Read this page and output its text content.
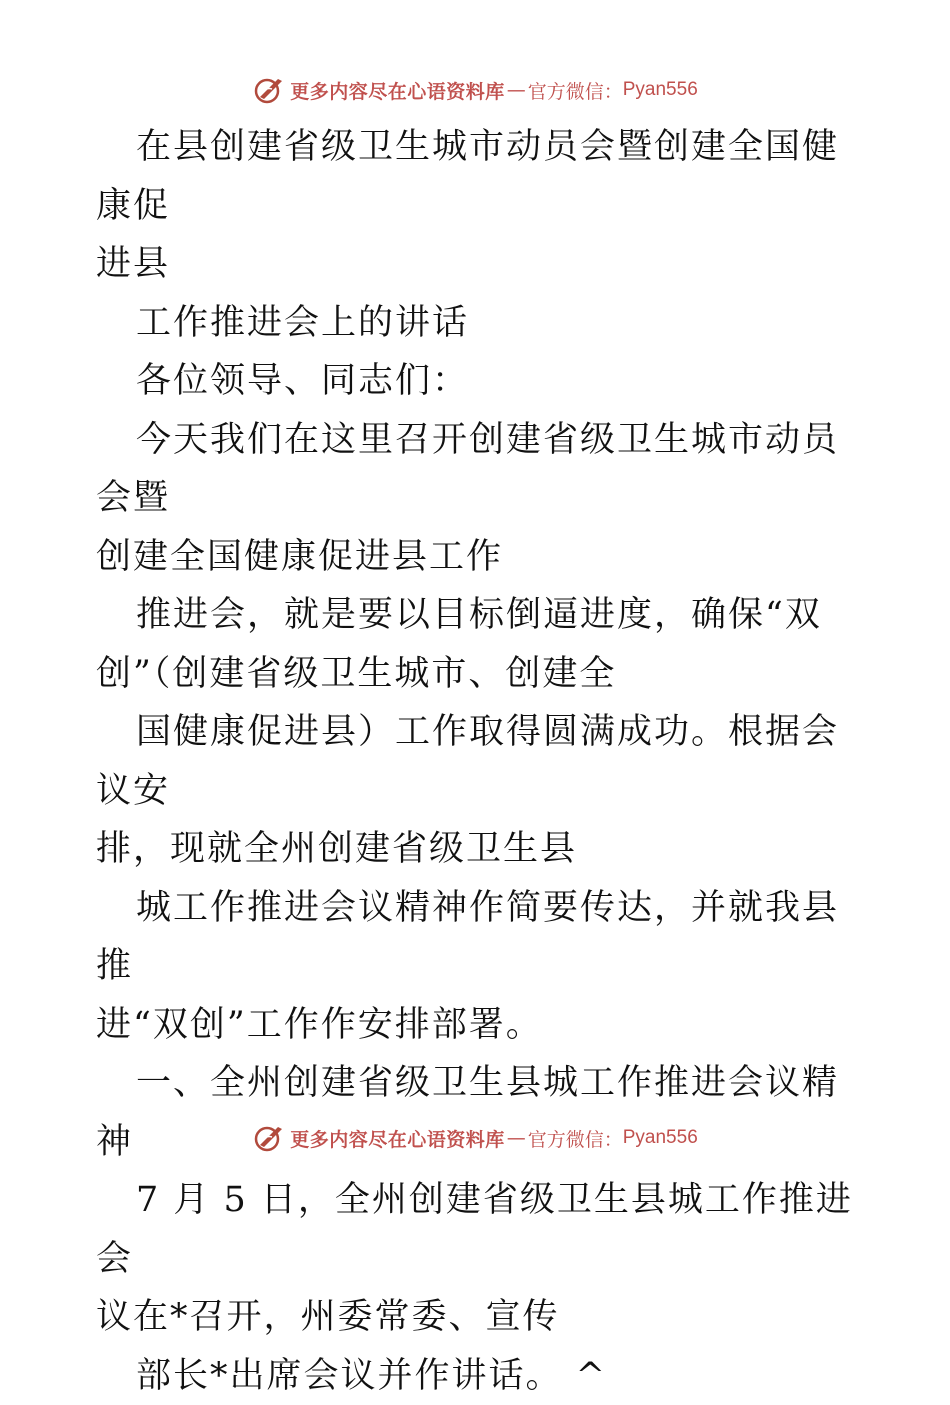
更多内容尽在心语资料库 — 官方微信： Pyan556

在县创建省级卫生城市动员会暨创建全国健康促

进县

工作推进会上的讲话

各位领导、同志们：

今天我们在这里召开创建省级卫生城市动员会暨

创建全国健康促进县工作

推进会，就是要以目标倒逼进度，确保“双

创”（创建省级卫生城市、创建全

国健康促进县）工作取得圆满成功。根据会议安

排，现就全州创建省级卫生县

城工作推进会议精神作简要传达，并就我县推

进“双创”工作作安排部署。

一、全州创建省级卫生县城工作推进会议精神

7 月 5 日，全州创建省级卫生县城工作推进会

议在*召开，州委常委、宣传

部长*出席会议并作讲话。 ^

更多内容尽在心语资料库 — 官方微信： Pyan556
